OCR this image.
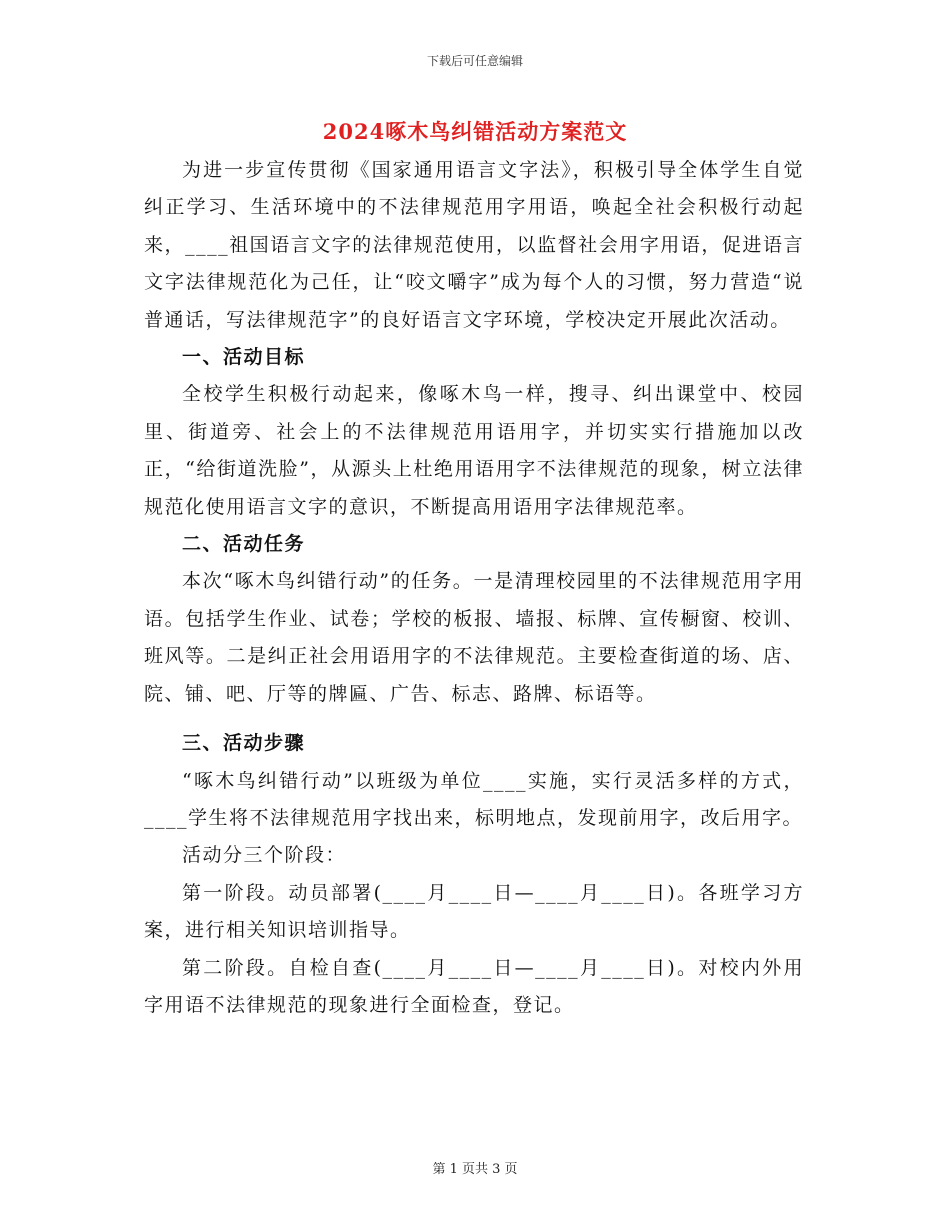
下载后可任意编辑
2024啄木鸟纠错活动方案范文

为进一步宣传贯彻《国家通用语言文字法》，积极引导全体学生自觉纠正学习、生活环境中的不法律规范用字用语，唤起全社会积极行动起来，____祖国语言文字的法律规范使用，以监督社会用字用语，促进语言文字法律规范化为己任，让“咬文嚼字”成为每个人的习惯，努力营造“说普通话，写法律规范字”的良好语言文字环境，学校决定开展此次活动。

一、活动目标

全校学生积极行动起来，像啄木鸟一样，搜寻、纠出课堂中、校园里、街道旁、社会上的不法律规范用语用字，并切实实行措施加以改正，“给街道洗脸”，从源头上杜绝用语用字不法律规范的现象，树立法律规范化使用语言文字的意识，不断提高用语用字法律规范率。

二、活动任务

本次“啄木鸟纠错行动”的任务。一是清理校园里的不法律规范用字用语。包括学生作业、试卷；学校的板报、墙报、标牌、宣传橱窗、校训、班风等。二是纠正社会用语用字的不法律规范。主要检查街道的场、店、院、铺、吧、厅等的牌匾、广告、标志、路牌、标语等。

三、活动步骤

“啄木鸟纠错行动”以班级为单位____实施，实行灵活多样的方式，____学生将不法律规范用字找出来，标明地点，发现前用字，改后用字。

活动分三个阶段：

第一阶段。动员部署(____月____日—____月____日)。各班学习方案，进行相关知识培训指导。

第二阶段。自检自查(____月____日—____月____日)。对校内外用字用语不法律规范的现象进行全面检查，登记。

第 1 页共 3 页
